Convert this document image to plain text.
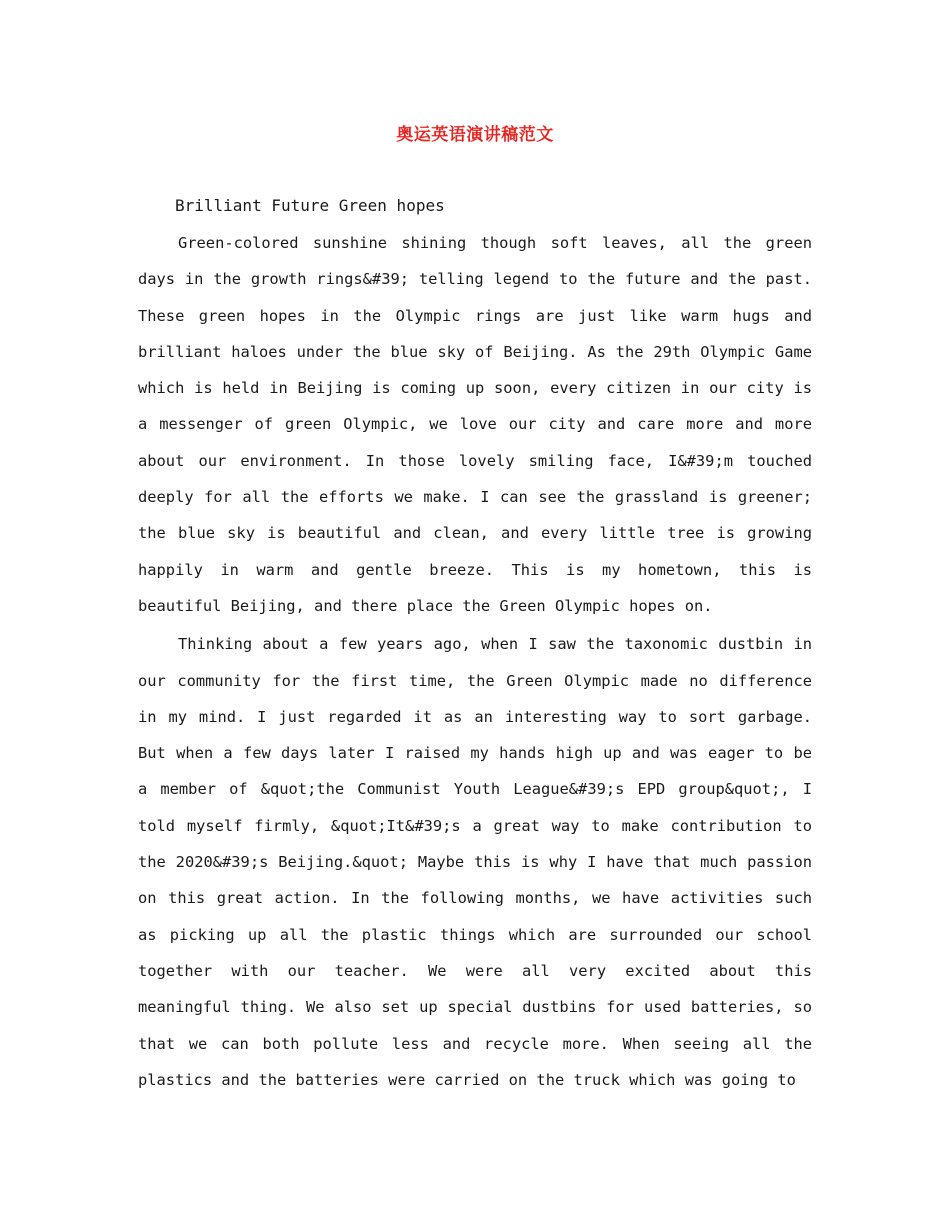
奥运英语演讲稿范文
Brilliant Future Green hopes

Green-colored sunshine shining though soft leaves, all the green days in the growth rings&#39; telling legend to the future and the past. These green hopes in the Olympic rings are just like warm hugs and brilliant haloes under the blue sky of Beijing. As the 29th Olympic Game which is held in Beijing is coming up soon, every citizen in our city is a messenger of green Olympic, we love our city and care more and more about our environment. In those lovely smiling face, I&#39;m touched deeply for all the efforts we make. I can see the grassland is greener; the blue sky is beautiful and clean, and every little tree is growing happily in warm and gentle breeze. This is my hometown, this is beautiful Beijing, and there place the Green Olympic hopes on.

Thinking about a few years ago, when I saw the taxonomic dustbin in our community for the first time, the Green Olympic made no difference in my mind. I just regarded it as an interesting way to sort garbage. But when a few days later I raised my hands high up and was eager to be a member of &quot;the Communist Youth League&#39;s EPD group&quot;, I told myself firmly, &quot;It&#39;s a great way to make contribution to the 2020&#39;s Beijing.&quot; Maybe this is why I have that much passion on this great action. In the following months, we have activities such as picking up all the plastic things which are surrounded our school together with our teacher. We were all very excited about this meaningful thing. We also set up special dustbins for used batteries, so that we can both pollute less and recycle more. When seeing all the plastics and the batteries were carried on the truck which was going to
